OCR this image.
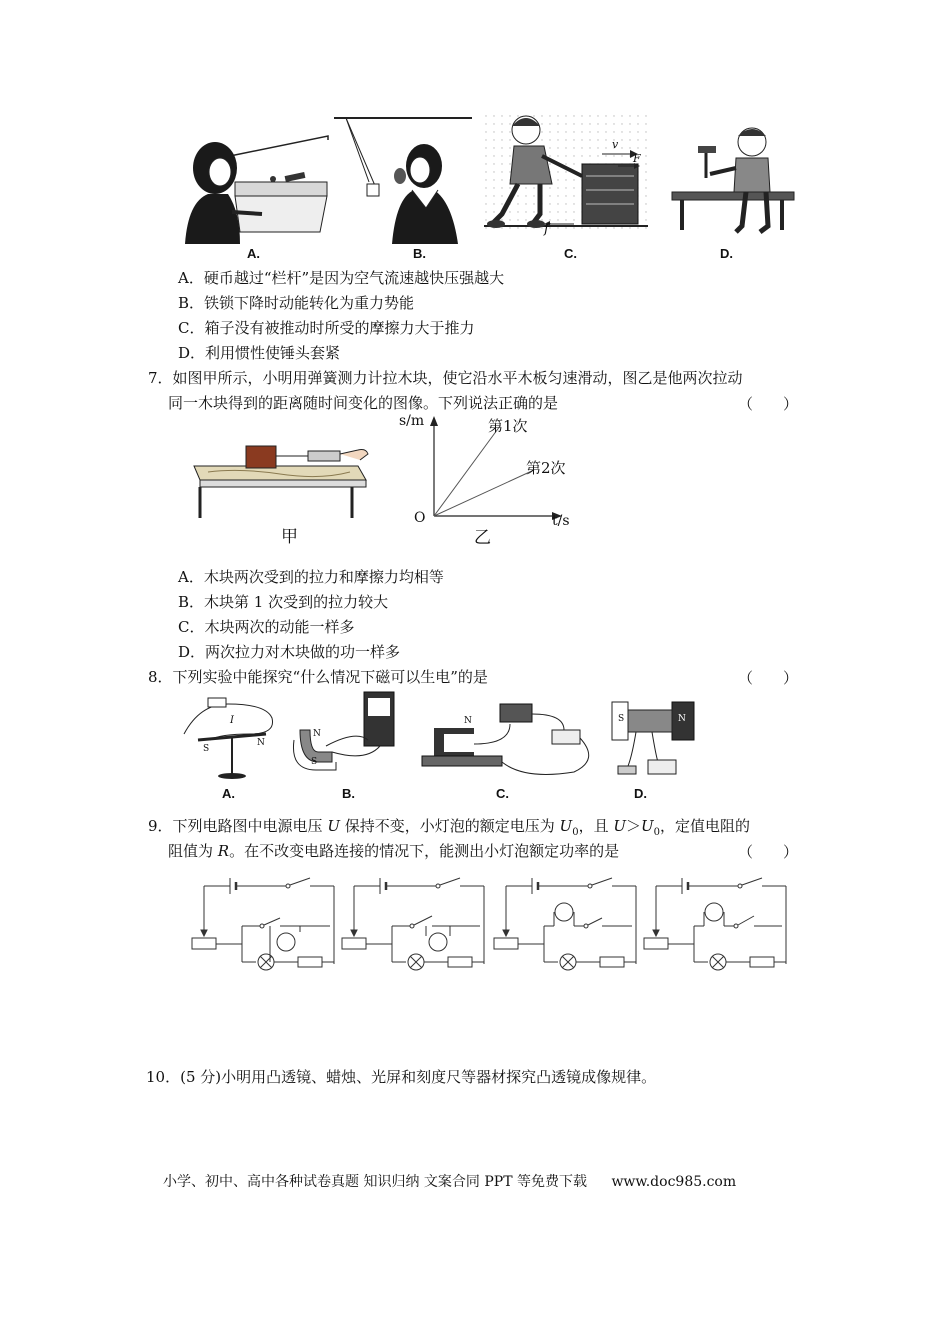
A.	B.
v
F
f
C.	D.
A．硬币越过“栏杆”是因为空气流速越快压强越大
B．铁锁下降时动能转化为重力势能
C．箱子没有被推动时所受的摩擦力大于推力
D．利用惯性使锤头套紧
7．如图甲所示，小明用弹簧测力计拉木块，使它沿水平木板匀速滑动，图乙是他两次拉动
同一木块得到的距离随时间变化的图像。下列说法正确的是	（　　）
甲
s/m	第1次
第2次
O	t/s
乙
A．木块两次受到的拉力和摩擦力均相等
B．木块第 1 次受到的拉力较大
C．木块两次的动能一样多
D．两次拉力对木块做的功一样多
8．下列实验中能探究“什么情况下磁可以生电”的是	（　　）
I
S
N
A.
N
S
B.
N
C.
S	N
D.
9．下列电路图中电源电压 U 保持不变，小灯泡的额定电压为 $U_0$，且 $U>U_0$，定值电阻的
阻值为 R。在不改变电路连接的情况下，能测出小灯泡额定功率的是	（　　）
10．(5 分)小明用凸透镜、蜡烛、光屏和刻度尺等器材探究凸透镜成像规律。
小学、初中、高中各种试卷真题 知识归纳 文案合同 PPT 等免费下载 www.doc985.com
